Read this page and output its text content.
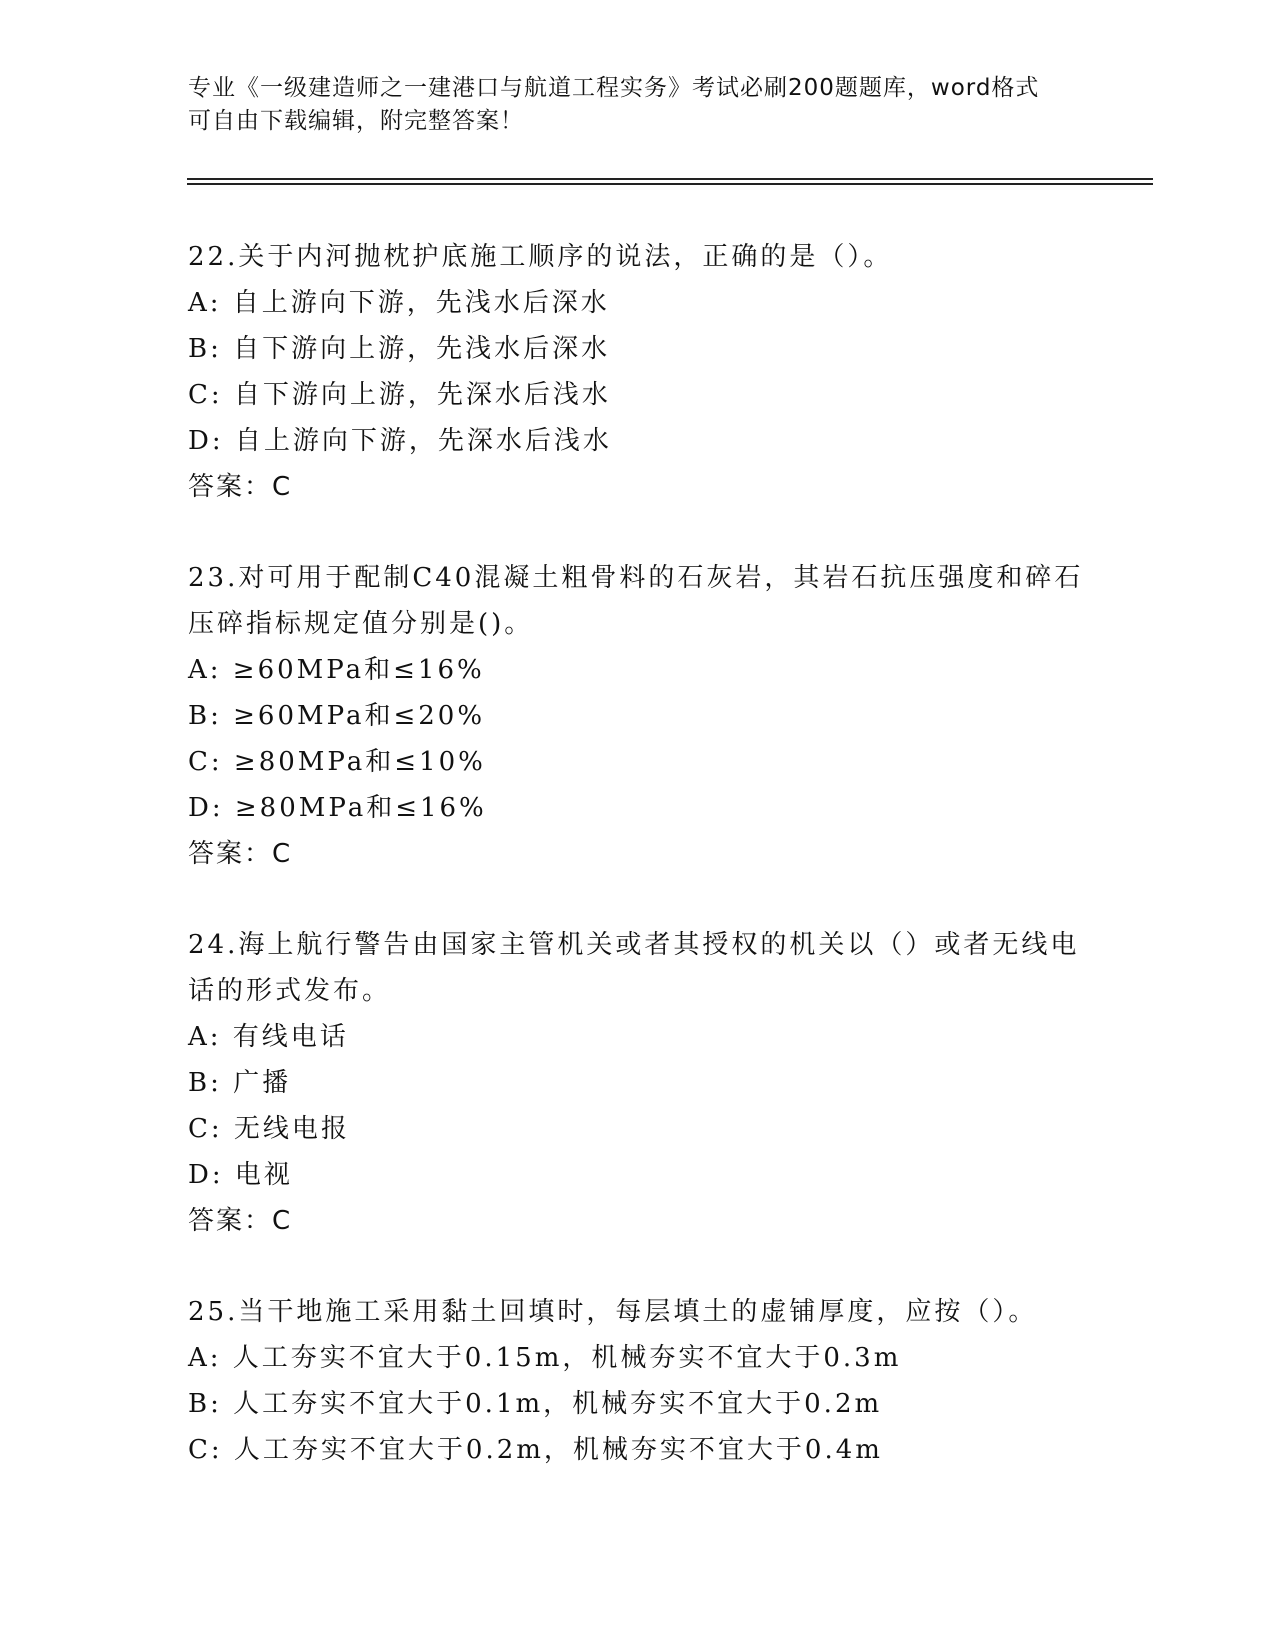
专业《一级建造师之一建港口与航道工程实务》考试必刷200题题库，word格式
可自由下载编辑，附完整答案！
22.关于内河抛枕护底施工顺序的说法，正确的是（）。
A: 自上游向下游，先浅水后深水
B: 自下游向上游，先浅水后深水
C: 自下游向上游，先深水后浅水
D: 自上游向下游，先深水后浅水
答案：C
23.对可用于配制C40混凝土粗骨料的石灰岩，其岩石抗压强度和碎石
压碎指标规定值分别是()。
A: ≥60MPa和≤16%
B: ≥60MPa和≤20%
C: ≥80MPa和≤10%
D: ≥80MPa和≤16%
答案：C
24.海上航行警告由国家主管机关或者其授权的机关以（）或者无线电
话的形式发布。
A: 有线电话
B: 广播
C: 无线电报
D: 电视
答案：C
25.当干地施工采用黏土回填时，每层填土的虚铺厚度，应按（）。
A: 人工夯实不宜大于0.15m，机械夯实不宜大于0.3m
B: 人工夯实不宜大于0.1m，机械夯实不宜大于0.2m
C: 人工夯实不宜大于0.2m，机械夯实不宜大于0.4m
